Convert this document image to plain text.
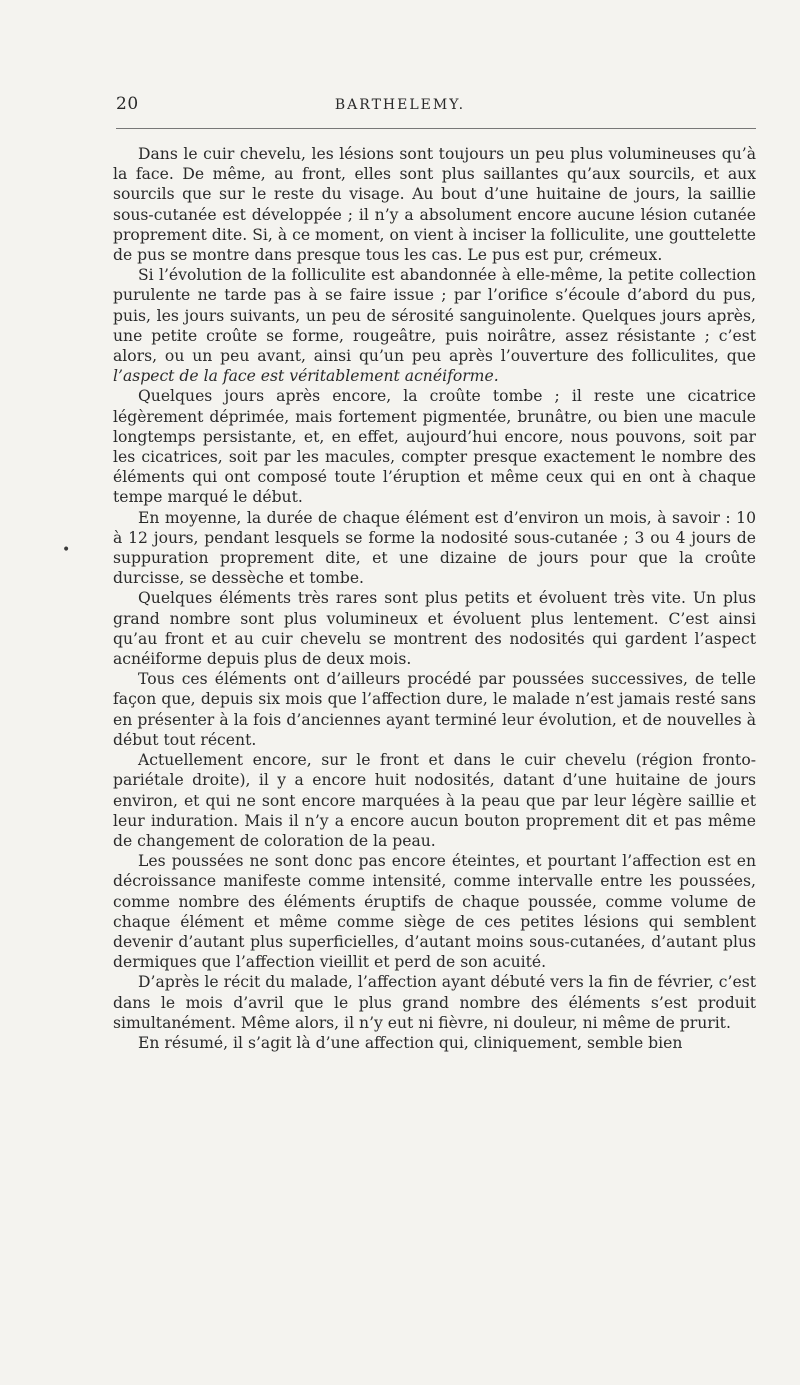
20	BARTHELEMY.
•

Dans le cuir chevelu, les lésions sont toujours un peu plus volumineuses qu’à la face. De même, au front, elles sont plus saillantes qu’aux sourcils, et aux sourcils que sur le reste du visage. Au bout d’une huitaine de jours, la saillie sous-cutanée est développée ; il n’y a absolument encore aucune lésion cutanée proprement dite. Si, à ce moment, on vient à inciser la folliculite, une gouttelette de pus se montre dans presque tous les cas. Le pus est pur, crémeux.

Si l’évolution de la folliculite est abandonnée à elle-même, la petite collection purulente ne tarde pas à se faire issue ; par l’orifice s’écoule d’abord du pus, puis, les jours suivants, un peu de sérosité sanguinolente. Quelques jours après, une petite croûte se forme, rougeâtre, puis noirâtre, assez résistante ; c’est alors, ou un peu avant, ainsi qu’un peu après l’ouverture des folliculites, que l’aspect de la face est véritablement acnéiforme.

Quelques jours après encore, la croûte tombe ; il reste une cicatrice légèrement déprimée, mais fortement pigmentée, brunâtre, ou bien une macule longtemps persistante, et, en effet, aujourd’hui encore, nous pouvons, soit par les cicatrices, soit par les macules, compter presque exactement le nombre des éléments qui ont composé toute l’éruption et même ceux qui en ont à chaque tempe marqué le début.

En moyenne, la durée de chaque élément est d’environ un mois, à savoir : 10 à 12 jours, pendant lesquels se forme la nodosité sous-cutanée ; 3 ou 4 jours de suppuration proprement dite, et une dizaine de jours pour que la croûte durcisse, se dessèche et tombe.

Quelques éléments très rares sont plus petits et évoluent très vite. Un plus grand nombre sont plus volumineux et évoluent plus lentement. C’est ainsi qu’au front et au cuir chevelu se montrent des nodosités qui gardent l’aspect acnéiforme depuis plus de deux mois.

Tous ces éléments ont d’ailleurs procédé par poussées successives, de telle façon que, depuis six mois que l’affection dure, le malade n’est jamais resté sans en présenter à la fois d’anciennes ayant terminé leur évolution, et de nouvelles à début tout récent.

Actuellement encore, sur le front et dans le cuir chevelu (région fronto-pariétale droite), il y a encore huit nodosités, datant d’une huitaine de jours environ, et qui ne sont encore marquées à la peau que par leur légère saillie et leur induration. Mais il n’y a encore aucun bouton proprement dit et pas même de changement de coloration de la peau.

Les poussées ne sont donc pas encore éteintes, et pourtant l’affection est en décroissance manifeste comme intensité, comme intervalle entre les poussées, comme nombre des éléments éruptifs de chaque poussée, comme volume de chaque élément et même comme siège de ces petites lésions qui semblent devenir d’autant plus superficielles, d’autant moins sous-cutanées, d’autant plus dermiques que l’affection vieillit et perd de son acuité.

D’après le récit du malade, l’affection ayant débuté vers la fin de février, c’est dans le mois d’avril que le plus grand nombre des éléments s’est produit simultanément. Même alors, il n’y eut ni fièvre, ni douleur, ni même de prurit.

En résumé, il s’agit là d’une affection qui, cliniquement, semble bien
